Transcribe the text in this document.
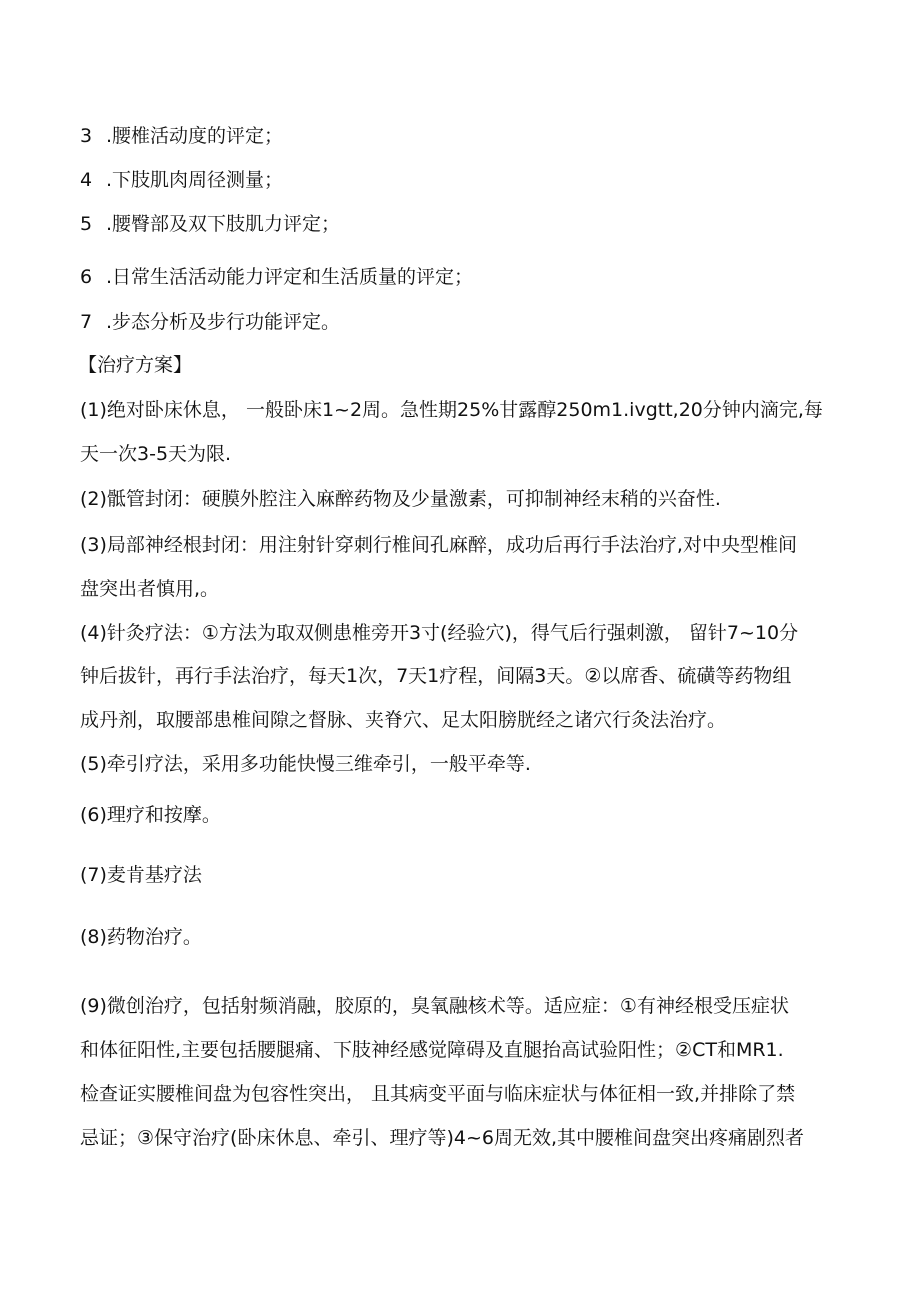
3 .腰椎活动度的评定；
4 .下肢肌肉周径测量；
5 .腰臀部及双下肢肌力评定；
6 .日常生活活动能力评定和生活质量的评定；
7 .步态分析及步行功能评定。
【治疗方案】
(1)绝对卧床休息， 一般卧床1~2周。急性期25%甘露醇250m1.ivgtt,20分钟内滴完,每
天一次3-5天为限.
(2)骶管封闭：硬膜外腔注入麻醉药物及少量激素，可抑制神经末稍的兴奋性.
(3)局部神经根封闭：用注射针穿刺行椎间孔麻醉，成功后再行手法治疗,对中央型椎间
盘突出者慎用,。
(4)针灸疗法：①方法为取双侧患椎旁开3寸(经验穴)，得气后行强刺激， 留针7~10分
钟后拔针，再行手法治疗，每天1次，7天1疗程，间隔3天。②以席香、硫磺等药物组
成丹剂，取腰部患椎间隙之督脉、夹脊穴、足太阳膀胱经之诸穴行灸法治疗。
(5)牵引疗法，采用多功能快慢三维牵引，一般平牵等.
(6)理疗和按摩。
(7)麦肯基疗法
(8)药物治疗。
(9)微创治疗，包括射频消融，胶原的，臭氧融核术等。适应症：①有神经根受压症状
和体征阳性,主要包括腰腿痛、下肢神经感觉障碍及直腿抬高试验阳性；②CT和MR1.
检查证实腰椎间盘为包容性突出， 且其病变平面与临床症状与体征相一致,并排除了禁
忌证；③保守治疗(卧床休息、牵引、理疗等)4~6周无效,其中腰椎间盘突出疼痛剧烈者
